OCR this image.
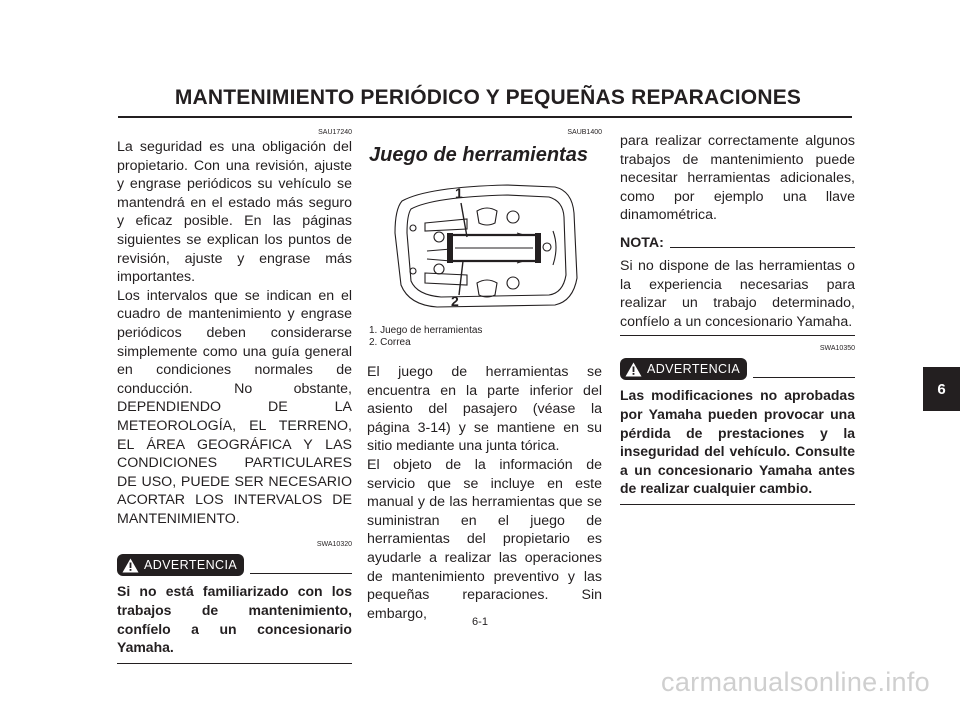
MANTENIMIENTO PERIÓDICO Y PEQUEÑAS REPARACIONES
SAU17240

La seguridad es una obligación del propietario. Con una revisión, ajuste y engrase periódicos su vehículo se mantendrá en el estado más seguro y eficaz posible. En las páginas siguientes se explican los puntos de revisión, ajuste y engrase más importantes.

Los intervalos que se indican en el cuadro de mantenimiento y engrase periódicos deben considerarse simplemente como una guía general en condiciones normales de conducción. No obstante, DEPENDIENDO DE LA METEOROLOGÍA, EL TERRENO, EL ÁREA GEOGRÁFICA Y LAS CONDICIONES PARTICULARES DE USO, PUEDE SER NECESARIO ACORTAR LOS INTERVALOS DE MANTENIMIENTO.

SWA10320
ADVERTENCIA

Si no está familiarizado con los trabajos de mantenimiento, confíelo a un concesionario Yamaha.

SAUB1400
Juego de herramientas
1
2
1. Juego de herramientas
2. Correa

El juego de herramientas se encuentra en la parte inferior del asiento del pasajero (véase la página 3-14) y se mantiene en su sitio mediante una junta tórica.

El objeto de la información de servicio que se incluye en este manual y de las herramientas que se suministran en el juego de herramientas del propietario es ayudarle a realizar las operaciones de mantenimiento preventivo y las pequeñas reparaciones. Sin embargo,

para realizar correctamente algunos trabajos de mantenimiento puede necesitar herramientas adicionales, como por ejemplo una llave dinamométrica.

NOTA:

Si no dispone de las herramientas o la experiencia necesarias para realizar un trabajo determinado, confíelo a un concesionario Yamaha.

SWA10350
ADVERTENCIA

Las modificaciones no aprobadas por Yamaha pueden provocar una pérdida de prestaciones y la inseguridad del vehículo. Consulte a un concesionario Yamaha antes de realizar cualquier cambio.

6
6-1
carmanualsonline.info
